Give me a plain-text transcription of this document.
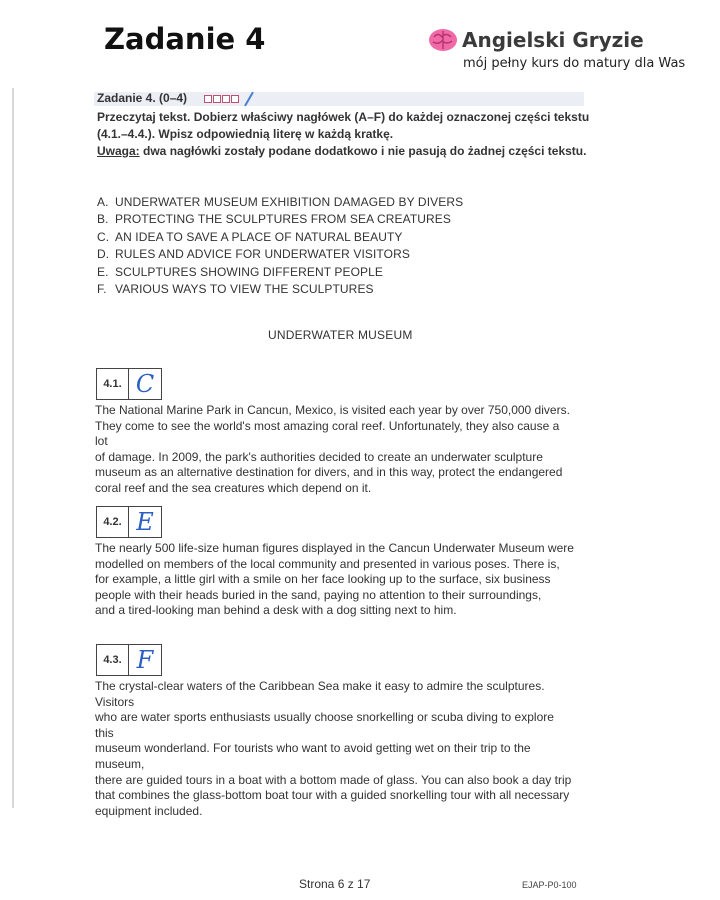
Zadanie 4	Angielski Gryzie
mój pełny kurs do matury dla Was
Zadanie 4. (0–4)
Przeczytaj tekst. Dobierz właściwy nagłówek (A–F) do każdej oznaczonej części tekstu
(4.1.–4.4.). Wpisz odpowiednią literę w każdą kratkę.
Uwaga: dwa nagłówki zostały podane dodatkowo i nie pasują do żadnej części tekstu.
A. UNDERWATER MUSEUM EXHIBITION DAMAGED BY DIVERS
B. PROTECTING THE SCULPTURES FROM SEA CREATURES
C. AN IDEA TO SAVE A PLACE OF NATURAL BEAUTY
D. RULES AND ADVICE FOR UNDERWATER VISITORS
E. SCULPTURES SHOWING DIFFERENT PEOPLE
F. VARIOUS WAYS TO VIEW THE SCULPTURES
UNDERWATER MUSEUM
4.1. C
The National Marine Park in Cancun, Mexico, is visited each year by over 750,000 divers.
They come to see the world's most amazing coral reef. Unfortunately, they also cause a lot
of damage. In 2009, the park's authorities decided to create an underwater sculpture
museum as an alternative destination for divers, and in this way, protect the endangered
coral reef and the sea creatures which depend on it.
4.2. E
The nearly 500 life-size human figures displayed in the Cancun Underwater Museum were
modelled on members of the local community and presented in various poses. There is,
for example, a little girl with a smile on her face looking up to the surface, six business
people with their heads buried in the sand, paying no attention to their surroundings,
and a tired-looking man behind a desk with a dog sitting next to him.
4.3. F
The crystal-clear waters of the Caribbean Sea make it easy to admire the sculptures. Visitors
who are water sports enthusiasts usually choose snorkelling or scuba diving to explore this
museum wonderland. For tourists who want to avoid getting wet on their trip to the museum,
there are guided tours in a boat with a bottom made of glass. You can also book a day trip
that combines the glass-bottom boat tour with a guided snorkelling tour with all necessary
equipment included.
Strona 6 z 17	EJAP-P0-100
